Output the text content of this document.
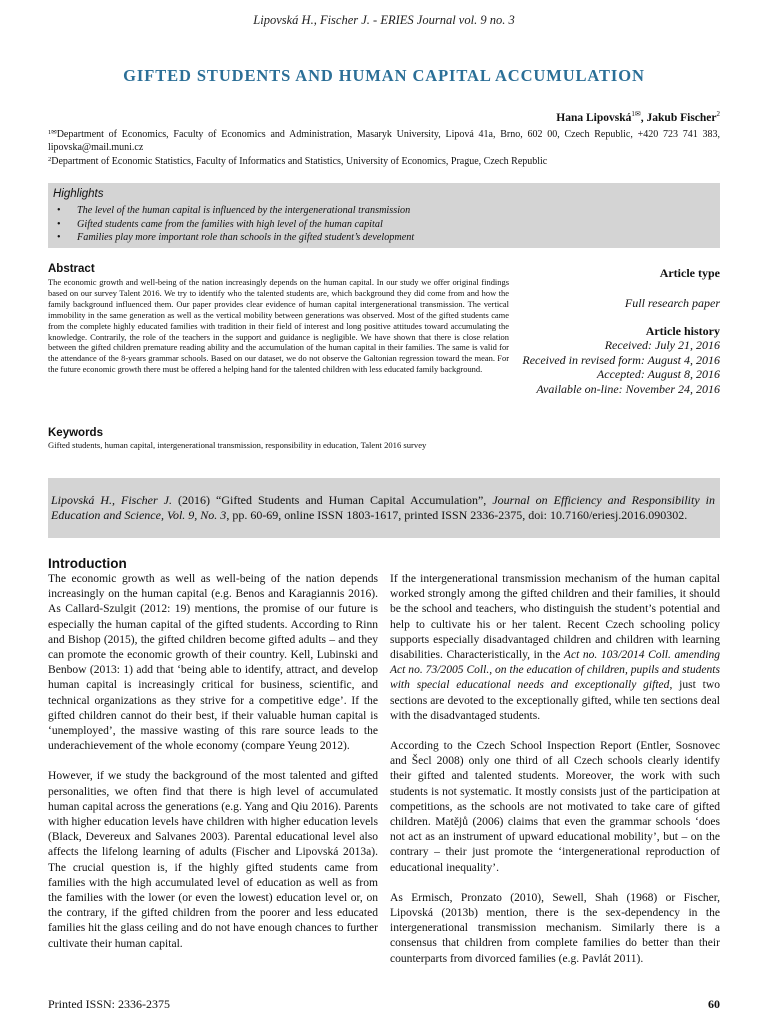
Lipovská H., Fischer J. - ERIES Journal vol. 9 no. 3
GIFTED STUDENTS AND HUMAN CAPITAL ACCUMULATION
Hana Lipovská$^{1✉}$, Jakub Fischer$^2$
$^{1✉}$Department of Economics, Faculty of Economics and Administration, Masaryk University, Lipová 41a, Brno, 602 00, Czech Republic, +420 723 741 383, lipovska@mail.muni.cz
$^2$Department of Economic Statistics, Faculty of Informatics and Statistics, University of Economics, Prague, Czech Republic
Highlights
• The level of the human capital is influenced by the intergenerational transmission
• Gifted students came from the families with high level of the human capital
• Families play more important role than schools in the gifted student’s development
Abstract
The economic growth and well-being of the nation increasingly depends on the human capital. In our study we offer original findings based on our survey Talent 2016. We try to identify who the talented students are, which background they did come from and how the family background influenced them. Our paper provides clear evidence of human capital intergenerational transmission. The vertical immobility in the same generation as well as the vertical mobility between generations was observed. Most of the gifted students came from the complete highly educated families with tradition in their field of interest and long positive attitudes toward accumulating the knowledge. Contrarily, the role of the teachers in the support and guidance is negligible. We have shown that there is close relation between the gifted children premature reading ability and the accumulation of the human capital in their families. The same is valid for the attendance of the 8-years grammar schools. Based on our dataset, we do not observe the Galtonian regression toward the mean. For the future economic growth there must be offered a helping hand for the talented children with less educated family background.
Keywords
Gifted students, human capital, intergenerational transmission, responsibility in education, Talent 2016 survey
Article type
Full research paper
Article history
Received: July 21, 2016
Received in revised form: August 4, 2016
Accepted: August 8, 2016
Available on-line: November 24, 2016
Lipovská H., Fischer J. (2016) “Gifted Students and Human Capital Accumulation”, Journal on Efficiency and Responsibility in Education and Science, Vol. 9, No. 3, pp. 60-69, online ISSN 1803-1617, printed ISSN 2336-2375, doi: 10.7160/eriesj.2016.090302.
Introduction

The economic growth as well as well-being of the nation depends increasingly on the human capital (e.g. Benos and Karagiannis 2016). As Callard-Szulgit (2012: 19) mentions, the promise of our future is especially the human capital of the gifted students. According to Rinn and Bishop (2015), the gifted children become gifted adults – and they can promote the economic growth of their country. Kell, Lubinski and Benbow (2013: 1) add that ‘being able to identify, attract, and develop human capital is increasingly critical for business, scientific, and technical organizations as they strive for a competitive edge’. If the gifted children cannot do their best, if their valuable human capital is ‘unemployed’, the massive wasting of this rare source leads to the underachievement of the whole economy (compare Yeung 2012).

However, if we study the background of the most talented and gifted personalities, we often find that there is high level of accumulated human capital across the generations (e.g. Yang and Qiu 2016). Parents with higher education levels have children with higher education levels (Black, Devereux and Salvanes 2003). Parental educational level also affects the lifelong learning of adults (Fischer and Lipovská 2013a). The crucial question is, if the highly gifted students came from families with the high accumulated level of education as well as from the families with the lower (or even the lowest) education level or, on the contrary, if the gifted children from the poorer and less educated families hit the glass ceiling and do not have enough chances to further cultivate their human capital.

If the intergenerational transmission mechanism of the human capital worked strongly among the gifted children and their families, it should be the school and teachers, who distinguish the student’s potential and help to cultivate his or her talent. Recent Czech schooling policy supports especially disadvantaged children and children with learning disabilities. Characteristically, in the Act no. 103/2014 Coll. amending Act no. 73/2005 Coll., on the education of children, pupils and students with special educational needs and exceptionally gifted, just two sections are devoted to the exceptionally gifted, while ten sections deal with the disadvantaged students.

According to the Czech School Inspection Report (Entler, Sosnovec and Šecl 2008) only one third of all Czech schools clearly identify their gifted and talented students. Moreover, the work with such students is not systematic. It mostly consists just of the participation at competitions, as the schools are not motivated to take care of gifted children. Matějů (2006) claims that even the grammar schools ‘does not act as an instrument of upward educational mobility’, but – on the contrary – their just promote the ‘intergenerational reproduction of educational inequality’.

As Ermisch, Pronzato (2010), Sewell, Shah (1968) or Fischer, Lipovská (2013b) mention, there is the sex-dependency in the intergenerational transmission mechanism. Similarly there is a consensus that children from complete families do better than their counterparts from divorced families (e.g. Pavlát 2011).

Printed ISSN: 2336-2375	60
